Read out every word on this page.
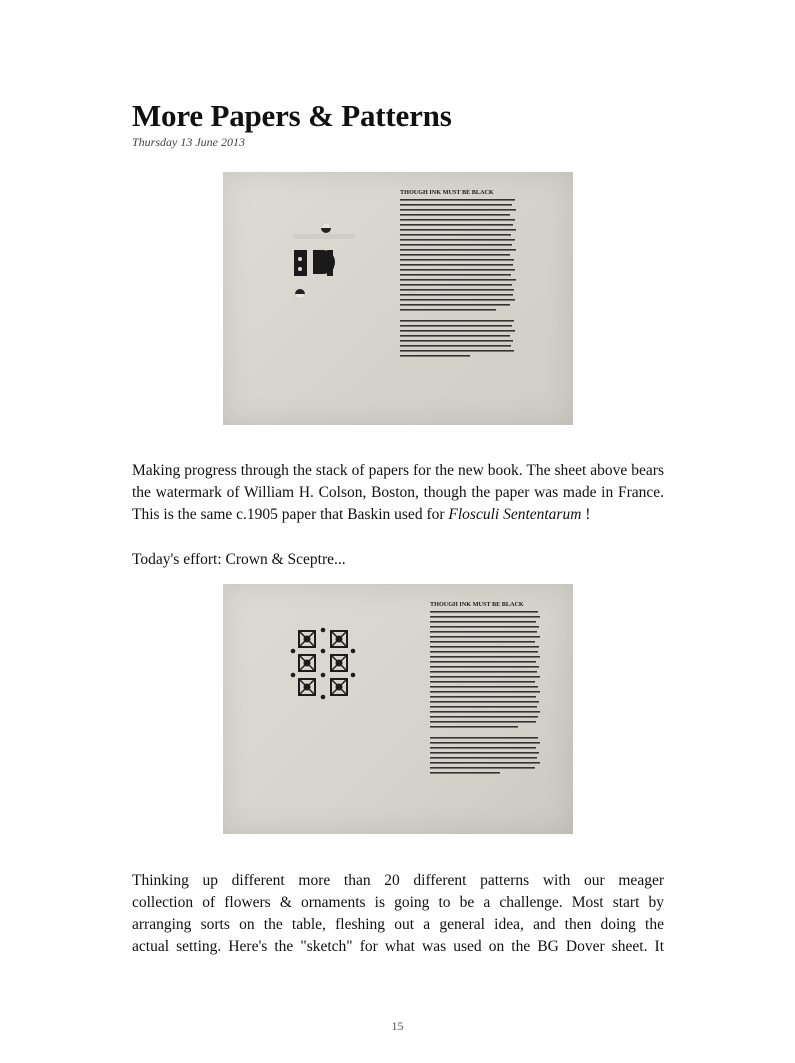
More Papers & Patterns
Thursday 13 June 2013
THOUGH INK MUST BE BLACK

Making progress through the stack of papers for the new book. The sheet above bears the watermark of William H. Colson, Boston, though the paper was made in France. This is the same c.1905 paper that Baskin used for Flosculi Sententarum !

Today's effort: Crown & Sceptre...

THOUGH INK MUST BE BLACK

Thinking up different more than 20 different patterns with our meager
collection of flowers & ornaments is going to be a challenge. Most start by
arranging sorts on the table, fleshing out a general idea, and then doing the
actual setting. Here's the "sketch" for what was used on the BG Dover sheet. It

15
